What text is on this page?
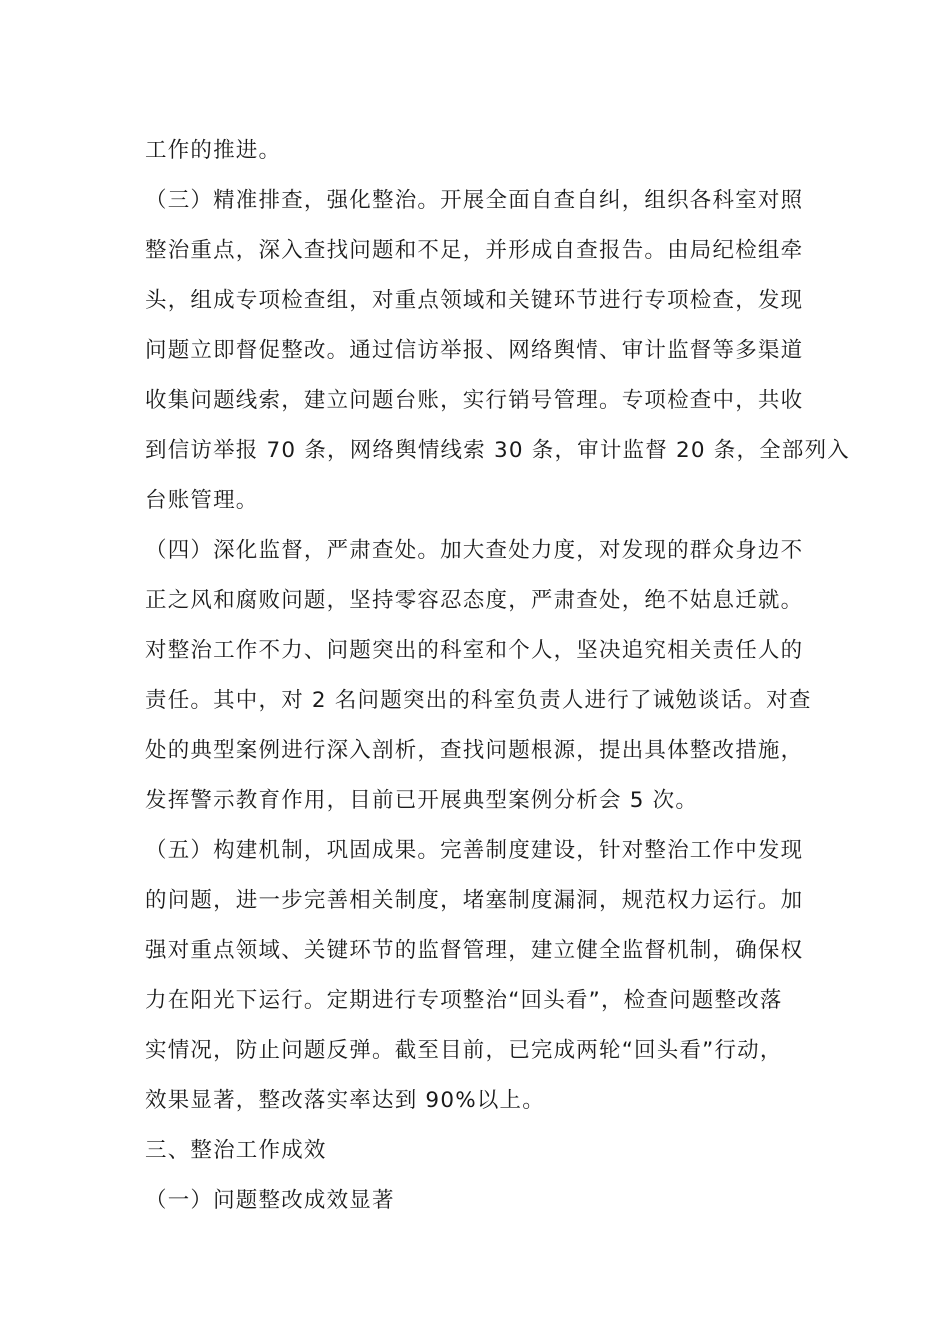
工作的推进。
（三）精准排查，强化整治。开展全面自查自纠，组织各科室对照
整治重点，深入查找问题和不足，并形成自查报告。由局纪检组牵
头，组成专项检查组，对重点领域和关键环节进行专项检查，发现
问题立即督促整改。通过信访举报、网络舆情、审计监督等多渠道
收集问题线索，建立问题台账，实行销号管理。专项检查中，共收
到信访举报 70 条，网络舆情线索 30 条，审计监督 20 条，全部列入
台账管理。
（四）深化监督，严肃查处。加大查处力度，对发现的群众身边不
正之风和腐败问题，坚持零容忍态度，严肃查处，绝不姑息迁就。
对整治工作不力、问题突出的科室和个人，坚决追究相关责任人的
责任。其中，对 2 名问题突出的科室负责人进行了诫勉谈话。对查
处的典型案例进行深入剖析，查找问题根源，提出具体整改措施，
发挥警示教育作用，目前已开展典型案例分析会 5 次。
（五）构建机制，巩固成果。完善制度建设，针对整治工作中发现
的问题，进一步完善相关制度，堵塞制度漏洞，规范权力运行。加
强对重点领域、关键环节的监督管理，建立健全监督机制，确保权
力在阳光下运行。定期进行专项整治“回头看”，检查问题整改落
实情况，防止问题反弹。截至目前，已完成两轮“回头看”行动，
效果显著，整改落实率达到 90%以上。
三、整治工作成效
（一）问题整改成效显著
